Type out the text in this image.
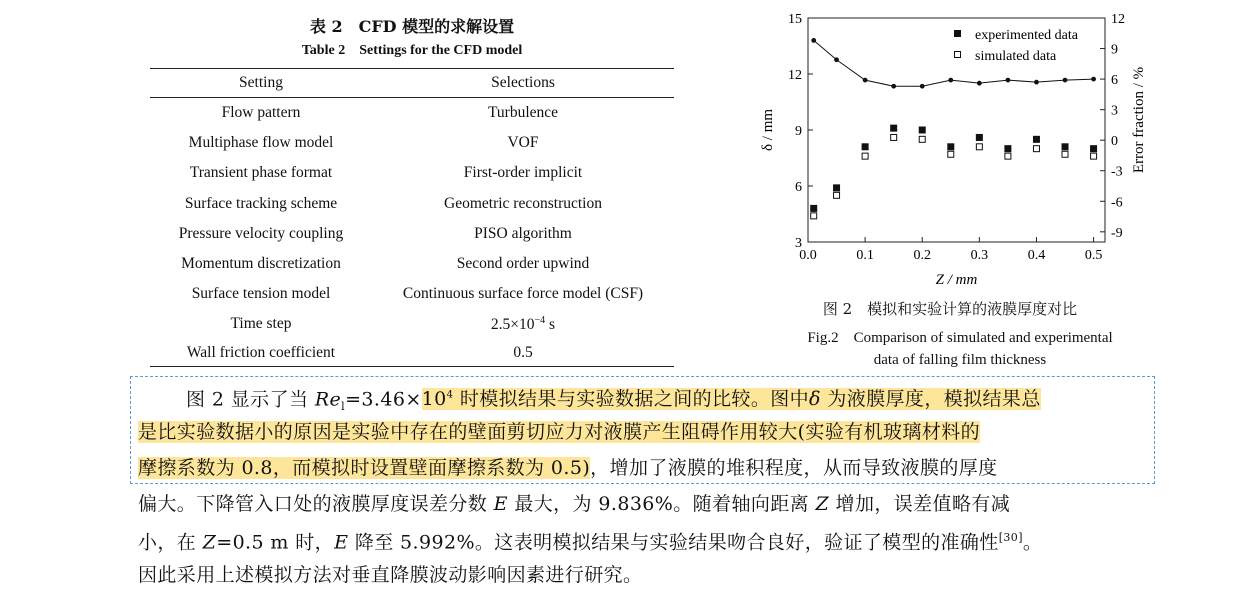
表 2　CFD 模型的求解设置
Table 2　Settings for the CFD model
Setting	Selections

Flow pattern	Turbulence
Multiphase flow model	VOF
Transient phase format	First-order implicit
Surface tracking scheme	Geometric reconstruction
Pressure velocity coupling	PISO algorithm
Momentum discretization	Second order upwind
Surface tension model	Continuous surface force model (CSF)
Time step	$2.5\times 10^{-4}$ s
Wall friction coefficient	0.5
0.0	0.1	0.2	0.3	0.4	0.5
3
6
9
12
15
-9
-6
-3
0
3
6
9
12
experimented data
simulated data
Z / mm
δ / mm	Error fraction / %
图 2　模拟和实验计算的液膜厚度对比
Fig.2　Comparison of simulated and experimental
data of falling film thickness
图 2 显示了当 $Re_l=3.46\times 10^4$ 时模拟结果与实验数据之间的比较。图中δ 为液膜厚度，模拟结果总
是比实验数据小的原因是实验中存在的壁面剪切应力对液膜产生阻碍作用较大(实验有机玻璃材料的
摩擦系数为 0.8，而模拟时设置壁面摩擦系数为 0.5)，增加了液膜的堆积程度，从而导致液膜的厚度
偏大。下降管入口处的液膜厚度误差分数 E 最大，为 9.836%。随着轴向距离 Z 增加，误差值略有减
小，在 Z=0.5 m 时，E 降至 5.992%。这表明模拟结果与实验结果吻合良好，验证了模型的准确性[30]。
因此采用上述模拟方法对垂直降膜波动影响因素进行研究。
